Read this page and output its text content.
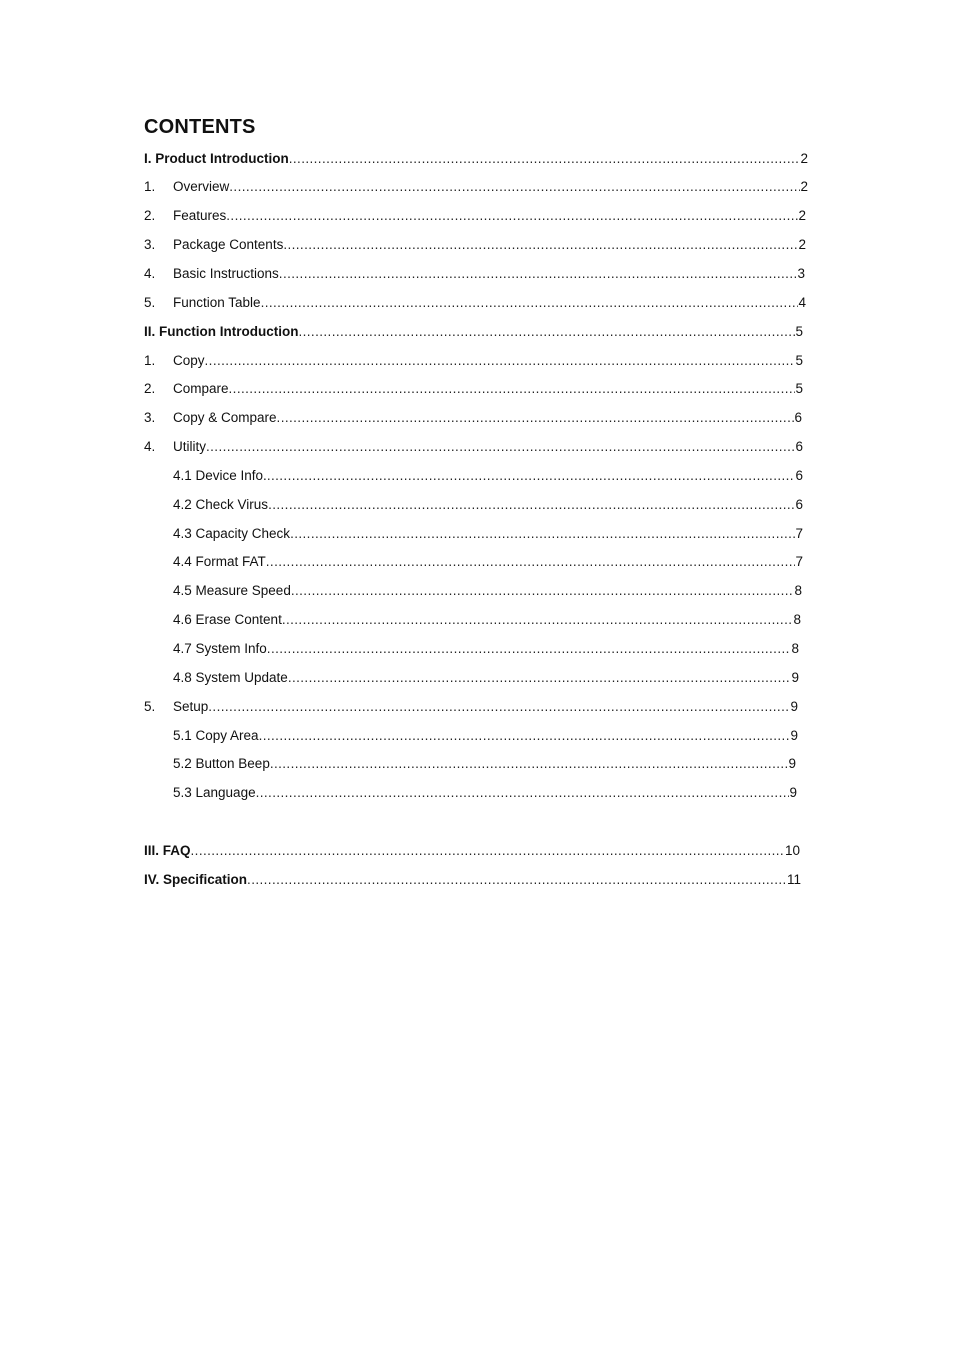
CONTENTS
I. Product Introduction .....	2
1.	Overview .....	2
2.	Features .....	2
3.	Package Contents .....	2
4.	Basic Instructions .....	3
5.	Function Table .....	4
II. Function Introduction .....	5
1.	Copy .....	5
2.	Compare .....	5
3.	Copy & Compare .....	6
4.	Utility .....	6
4.1 Device Info. .....	6
4.2 Check Virus .....	6
4.3 Capacity Check .....	7
4.4 Format FAT .....	7
4.5 Measure Speed .....	8
4.6 Erase Content .....	8
4.7 System Info .....	8
4.8 System Update .....	9
5.	Setup .....	9
5.1 Copy Area .....	9
5.2 Button Beep .....	9
5.3 Language .....	9
III. FAQ .....	10
IV. Specification .....	11
